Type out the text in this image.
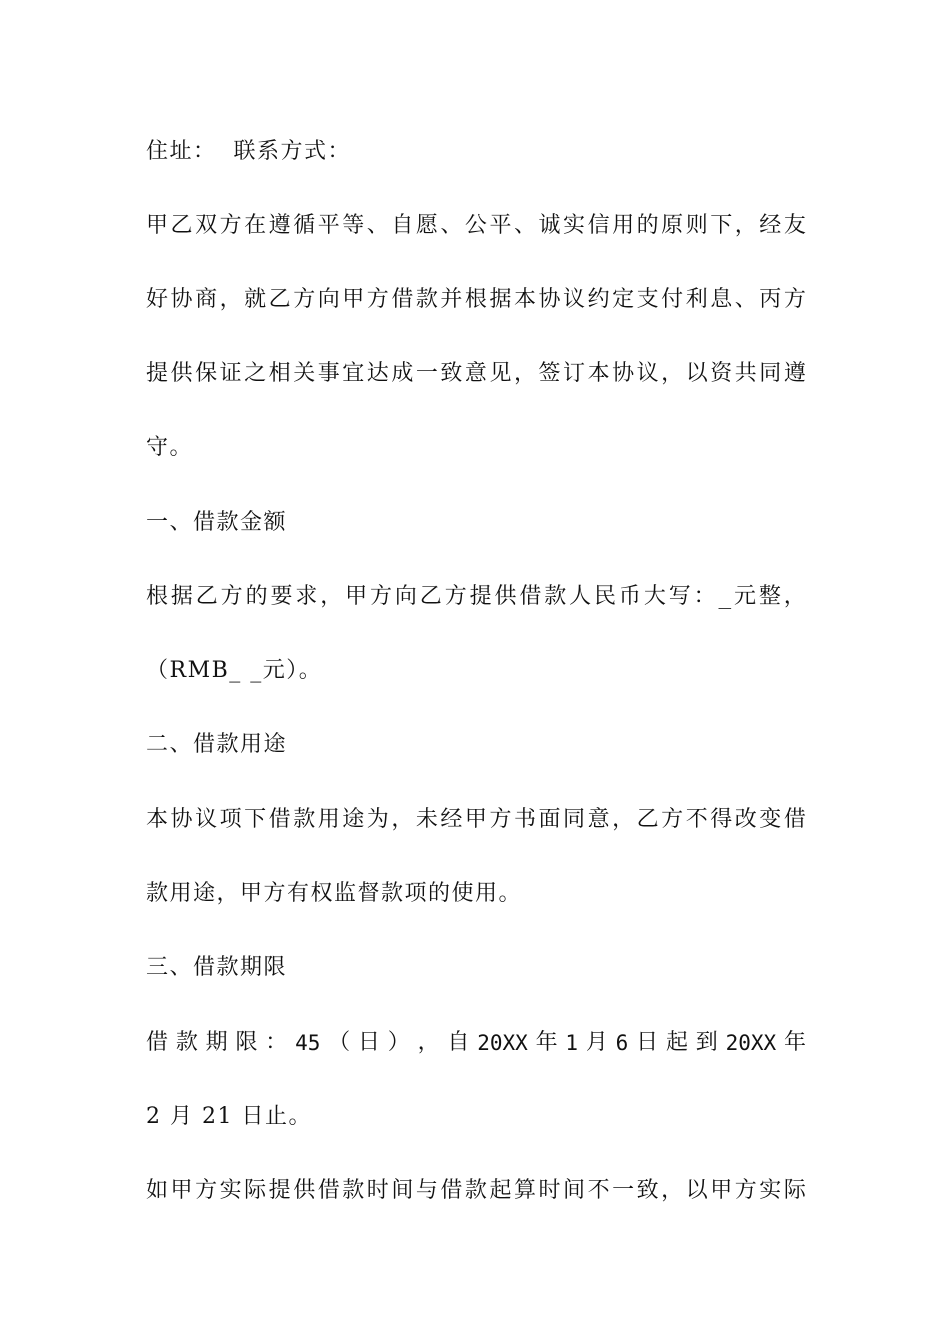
住址：  联系方式：
甲 乙 双 方 在 遵 循 平 等 、 自 愿 、 公 平 、 诚 实 信 用 的 原 则 下 ， 经 友
好 协 商 ， 就 乙 方 向 甲 方 借 款 并 根 据 本 协 议 约 定 支 付 利 息 、 丙 方
提 供 保 证 之 相 关 事 宜 达 成 一 致 意 见 ， 签 订 本 协 议 ， 以 资 共 同 遵
守。
一、借款金额
根 据 乙 方 的 要 求 ， 甲 方 向 乙 方 提 供 借 款 人 民 币 大 写 ： _ 元 整 ，
（RMB_ _元）。
二、借款用途
本 协 议 项 下 借 款 用 途 为 ， 未 经 甲 方 书 面 同 意 ， 乙 方 不 得 改 变 借
款用途，甲方有权监督款项的使用。
三、借款期限
借 款 期 限 ： 45 （ 日 ） ， 自 20XX 年 1 月 6 日 起 到 20XX 年
2 月 21 日止。
如 甲 方 实 际 提 供 借 款 时 间 与 借 款 起 算 时 间 不 一 致 ， 以 甲 方 实 际
